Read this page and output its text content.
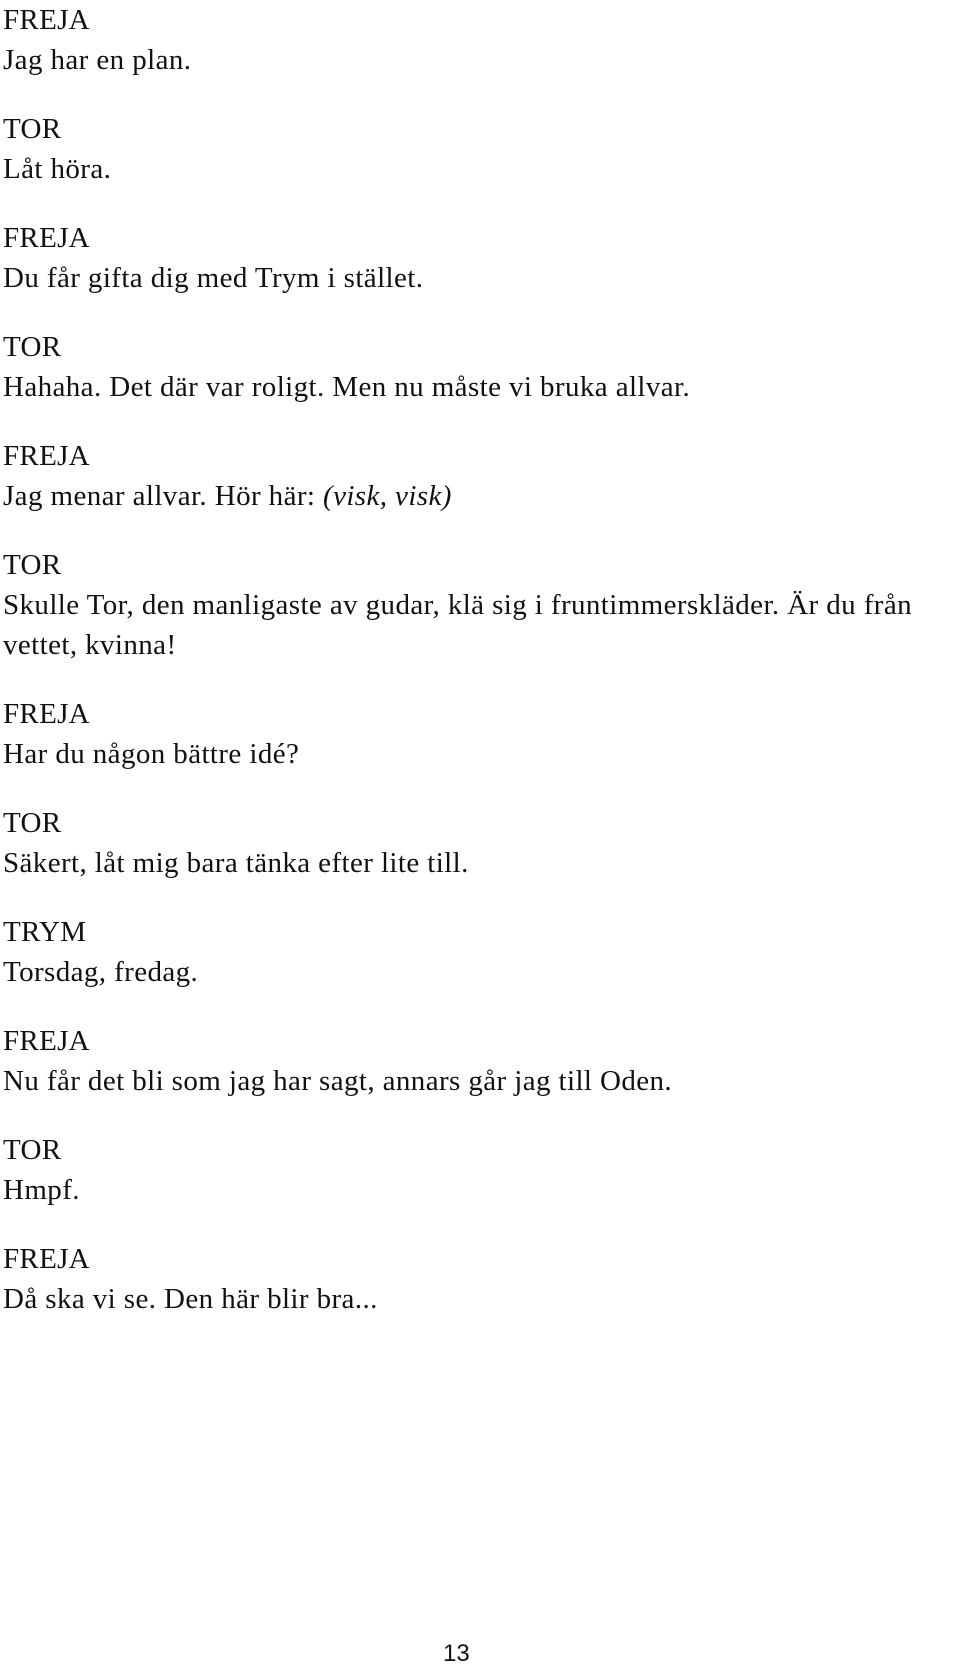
FREJA
Jag har en plan.
TOR
Låt höra.
FREJA
Du får gifta dig med Trym i stället.
TOR
Hahaha. Det där var roligt. Men nu måste vi bruka allvar.
FREJA
Jag menar allvar. Hör här: (visk, visk)
TOR
Skulle Tor, den manligaste av gudar, klä sig i fruntimmerskläder. Är du från vettet, kvinna!
FREJA
Har du någon bättre idé?
TOR
Säkert, låt mig bara tänka efter lite till.
TRYM
Torsdag, fredag.
FREJA
Nu får det bli som jag har sagt, annars går jag till Oden.
TOR
Hmpf.
FREJA
Då ska vi se. Den här blir bra...
13
